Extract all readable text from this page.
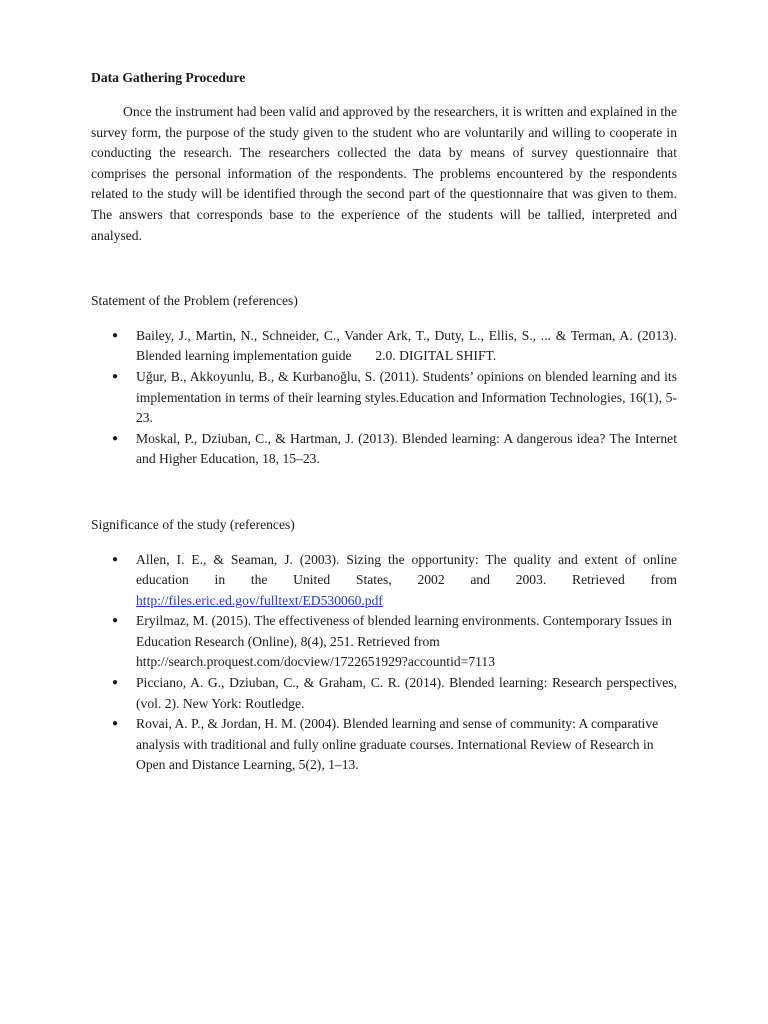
Data Gathering Procedure

Once the instrument had been valid and approved by the researchers, it is written and explained in the survey form, the purpose of the study given to the student who are voluntarily and willing to cooperate in conducting the research. The researchers collected the data by means of survey questionnaire that comprises the personal information of the respondents. The problems encountered by the respondents related to the study will be identified through the second part of the questionnaire that was given to them. The answers that corresponds base to the experience of the students will be tallied, interpreted and analysed.

Statement of the Problem (references)

● Bailey, J., Martin, N., Schneider, C., Vander Ark, T., Duty, L., Ellis, S., ... & Terman, A. (2013). Blended learning implementation guide       2.0. DIGITAL SHIFT.
● Uğur, B., Akkoyunlu, B., & Kurbanoğlu, S. (2011). Students’ opinions on blended learning and its implementation in terms of their learning styles.Education and Information Technologies, 16(1), 5-23.
● Moskal, P., Dziuban, C., & Hartman, J. (2013). Blended learning: A dangerous idea? The Internet and Higher Education, 18, 15–23.

Significance of the study (references)

● Allen, I. E., & Seaman, J. (2003). Sizing the opportunity: The quality and extent of online education in the United States, 2002 and 2003. Retrieved from http://files.eric.ed.gov/fulltext/ED530060.pdf
● Eryilmaz, M. (2015). The effectiveness of blended learning environments. Contemporary Issues in Education Research (Online), 8(4), 251. Retrieved from http://search.proquest.com/docview/1722651929?accountid=7113
● Picciano, A. G., Dziuban, C., & Graham, C. R. (2014). Blended learning: Research perspectives, (vol. 2). New York: Routledge.
● Rovai, A. P., & Jordan, H. M. (2004). Blended learning and sense of community: A comparative analysis with traditional and fully online graduate courses. International Review of Research in Open and Distance Learning, 5(2), 1–13.
